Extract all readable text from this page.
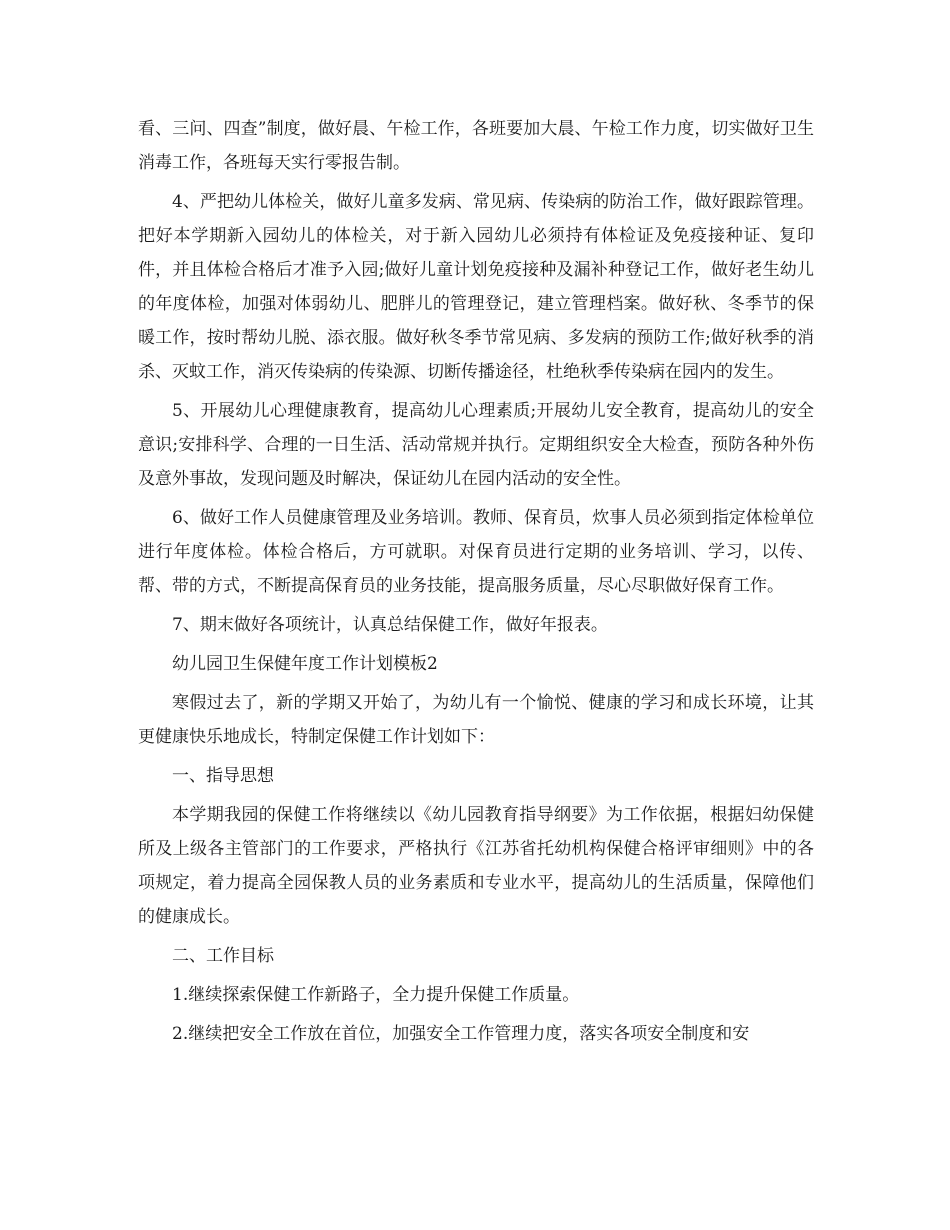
看、三问、四查”制度，做好晨、午检工作，各班要加大晨、午检工作力度，切实做好卫生消毒工作，各班每天实行零报告制。

4、严把幼儿体检关，做好儿童多发病、常见病、传染病的防治工作，做好跟踪管理。把好本学期新入园幼儿的体检关，对于新入园幼儿必须持有体检证及免疫接种证、复印件，并且体检合格后才准予入园;做好儿童计划免疫接种及漏补种登记工作，做好老生幼儿的年度体检，加强对体弱幼儿、肥胖儿的管理登记，建立管理档案。做好秋、冬季节的保暖工作，按时帮幼儿脱、添衣服。做好秋冬季节常见病、多发病的预防工作;做好秋季的消杀、灭蚊工作，消灭传染病的传染源、切断传播途径，杜绝秋季传染病在园内的发生。

5、开展幼儿心理健康教育，提高幼儿心理素质;开展幼儿安全教育，提高幼儿的安全意识;安排科学、合理的一日生活、活动常规并执行。定期组织安全大检查，预防各种外伤及意外事故，发现问题及时解决，保证幼儿在园内活动的安全性。

6、做好工作人员健康管理及业务培训。教师、保育员，炊事人员必须到指定体检单位进行年度体检。体检合格后，方可就职。对保育员进行定期的业务培训、学习，以传、帮、带的方式，不断提高保育员的业务技能，提高服务质量，尽心尽职做好保育工作。

7、期末做好各项统计，认真总结保健工作，做好年报表。

幼儿园卫生保健年度工作计划模板2

寒假过去了，新的学期又开始了，为幼儿有一个愉悦、健康的学习和成长环境，让其更健康快乐地成长，特制定保健工作计划如下：

一、指导思想

本学期我园的保健工作将继续以《幼儿园教育指导纲要》为工作依据，根据妇幼保健所及上级各主管部门的工作要求，严格执行《江苏省托幼机构保健合格评审细则》中的各项规定，着力提高全园保教人员的业务素质和专业水平，提高幼儿的生活质量，保障他们的健康成长。

二、工作目标

1.继续探索保健工作新路子，全力提升保健工作质量。

2.继续把安全工作放在首位，加强安全工作管理力度，落实各项安全制度和安
